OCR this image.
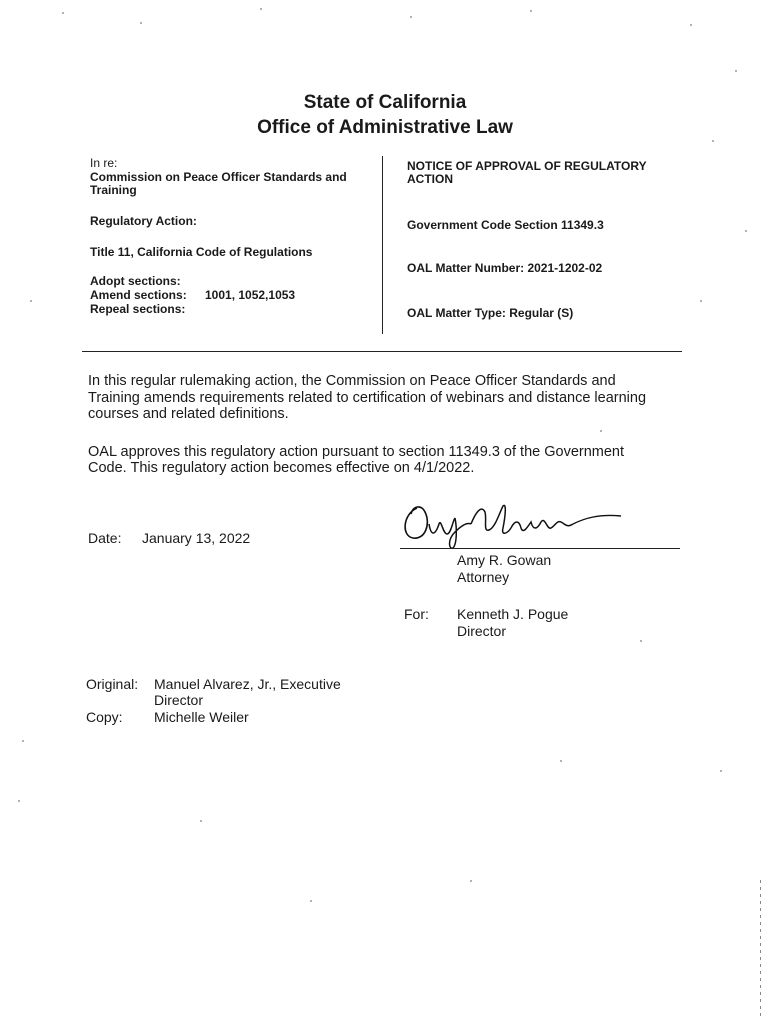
State of California
Office of Administrative Law
In re:
Commission on Peace Officer Standards and
Training
Regulatory Action:
Title 11, California Code of Regulations
Adopt sections:
Amend sections: 1001, 1052,1053
Repeal sections:
NOTICE OF APPROVAL OF REGULATORY
ACTION
Government Code Section 11349.3
OAL Matter Number: 2021-1202-02
OAL Matter Type: Regular (S)
In this regular rulemaking action, the Commission on Peace Officer Standards and
Training amends requirements related to certification of webinars and distance learning
courses and related definitions.
OAL approves this regulatory action pursuant to section 11349.3 of the Government
Code. This regulatory action becomes effective on 4/1/2022.
Date: January 13, 2022
Amy R. Gowan
Attorney
For: Kenneth J. Pogue
Director
Original: Manuel Alvarez, Jr., Executive
Director
Copy: Michelle Weiler
